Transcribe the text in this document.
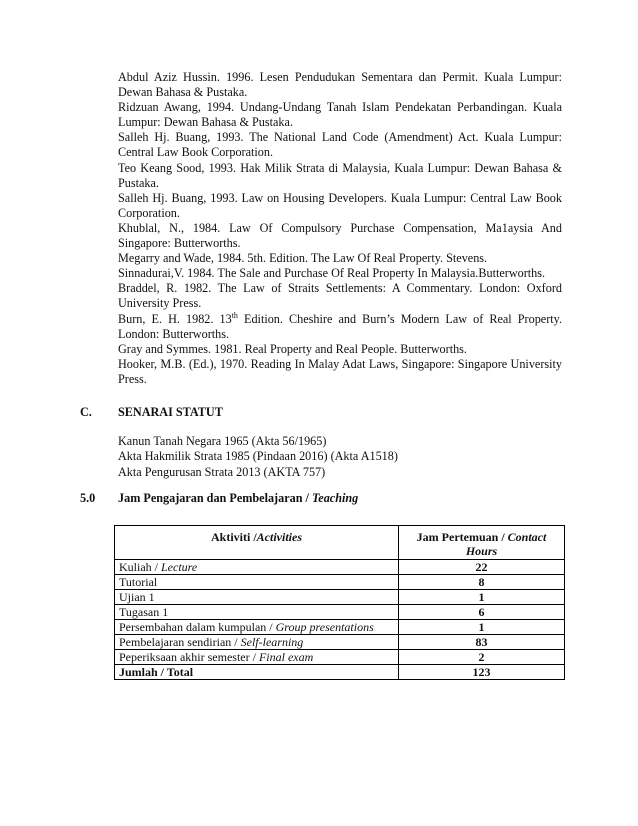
Abdul Aziz Hussin. 1996. Lesen Pendudukan Sementara dan Permit. Kuala Lumpur: Dewan Bahasa & Pustaka.

Ridzuan Awang, 1994. Undang-Undang Tanah Islam Pendekatan Perbandingan. Kuala Lumpur: Dewan Bahasa & Pustaka.

Salleh Hj. Buang, 1993. The National Land Code (Amendment) Act. Kuala Lumpur: Central Law Book Corporation.

Teo Keang Sood, 1993. Hak Milik Strata di Malaysia, Kuala Lumpur: Dewan Bahasa & Pustaka.

Salleh Hj. Buang, 1993. Law on Housing Developers. Kuala Lumpur: Central Law Book Corporation.

Khublal, N., 1984. Law Of Compulsory Purchase Compensation, Ma1aysia And Singapore: Butterworths.

Megarry and Wade, 1984. 5th. Edition. The Law Of Real Property. Stevens.

Sinnadurai,V. 1984. The Sale and Purchase Of Real Property In Malaysia.Butterworths.

Braddel, R. 1982. The Law of Straits Settlements: A Commentary. London: Oxford University Press.

Burn, E. H. 1982. 13th Edition. Cheshire and Burn’s Modern Law of Real Property. London: Butterworths.

Gray and Symmes. 1981. Real Property and Real People. Butterworths.

Hooker, M.B. (Ed.), 1970. Reading In Malay Adat Laws, Singapore: Singapore University Press.

C. SENARAI STATUT
Kanun Tanah Negara 1965 (Akta 56/1965)
Akta Hakmilik Strata 1985 (Pindaan 2016) (Akta A1518)
Akta Pengurusan Strata 2013 (AKTA 757)
5.0 Jam Pengajaran dan Pembelajaran / Teaching
Aktiviti /Activities	Jam Pertemuan / Contact Hours
Kuliah / Lecture	22
Tutorial	8
Ujian 1	1
Tugasan 1	6
Persembahan dalam kumpulan / Group presentations	1
Pembelajaran sendirian / Self-learning	83
Peperiksaan akhir semester / Final exam	2
Jumlah / Total	123
